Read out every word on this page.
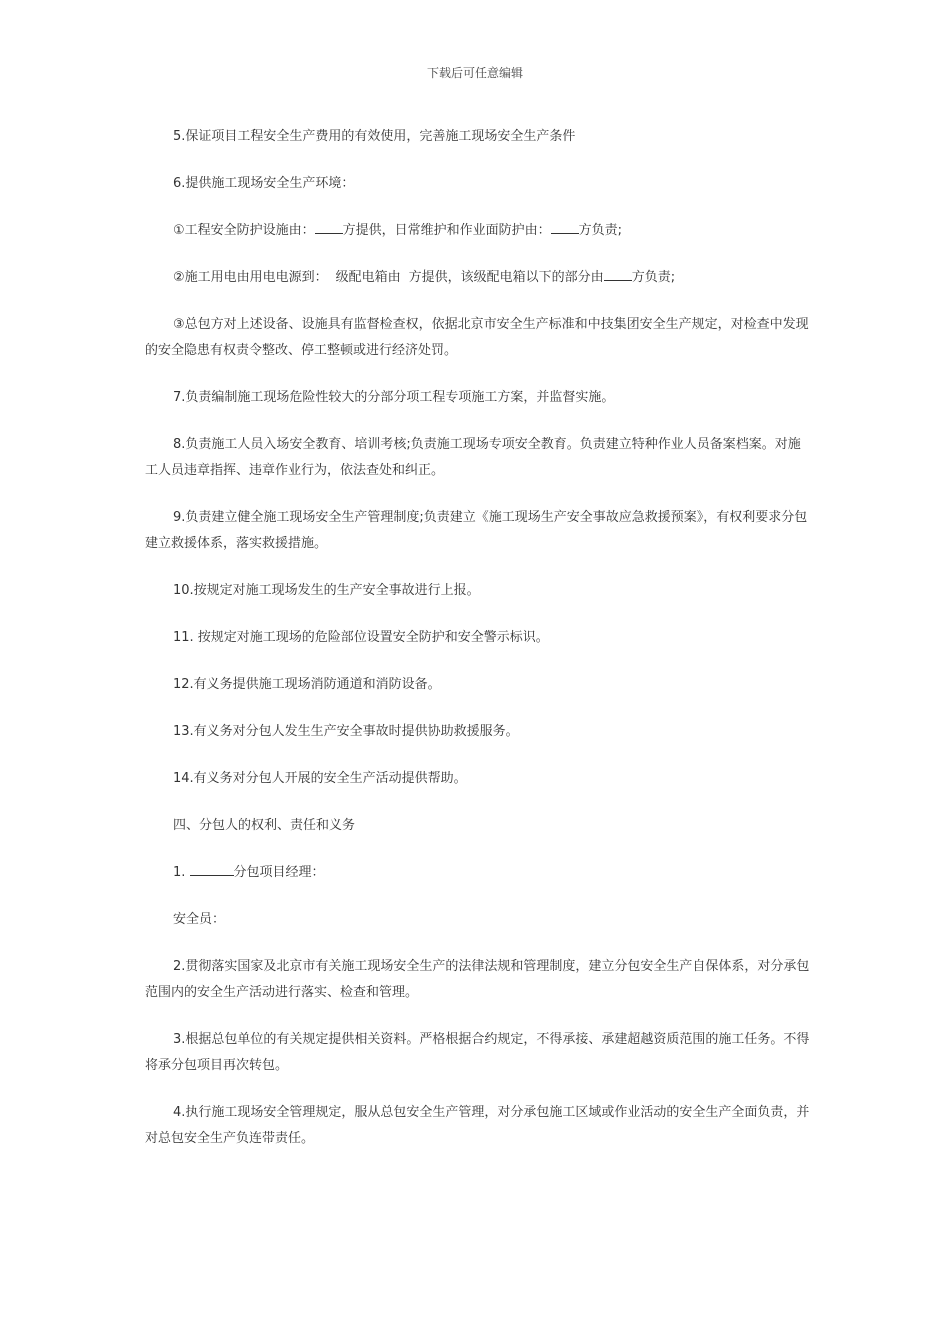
下载后可任意编辑

5.保证项目工程安全生产费用的有效使用，完善施工现场安全生产条件

6.提供施工现场安全生产环境：

①工程安全防护设施由： 方提供，日常维护和作业面防护由： 方负责;

②施工用电由用电电源到： 级配电箱由 方提供，该级配电箱以下的部分由 方负责;

③总包方对上述设备、设施具有监督检查权，依据北京市安全生产标准和中技集团安全生产规定，对检查中发现的安全隐患有权责令整改、停工整顿或进行经济处罚。

7.负责编制施工现场危险性较大的分部分项工程专项施工方案，并监督实施。

8.负责施工人员入场安全教育、培训考核;负责施工现场专项安全教育。负责建立特种作业人员备案档案。对施工人员违章指挥、违章作业行为，依法查处和纠正。

9.负责建立健全施工现场安全生产管理制度;负责建立《施工现场生产安全事故应急救援预案》，有权利要求分包建立救援体系，落实救援措施。

10.按规定对施工现场发生的生产安全事故进行上报。

11. 按规定对施工现场的危险部位设置安全防护和安全警示标识。

12.有义务提供施工现场消防通道和消防设备。

13.有义务对分包人发生生产安全事故时提供协助救援服务。

14.有义务对分包人开展的安全生产活动提供帮助。

四、分包人的权利、责任和义务

1.	分包项目经理：

安全员：

2.贯彻落实国家及北京市有关施工现场安全生产的法律法规和管理制度，建立分包安全生产自保体系，对分承包范围内的安全生产活动进行落实、检查和管理。

3.根据总包单位的有关规定提供相关资料。严格根据合约规定，不得承接、承建超越资质范围的施工任务。不得将承分包项目再次转包。

4.执行施工现场安全管理规定，服从总包安全生产管理，对分承包施工区域或作业活动的安全生产全面负责，并对总包安全生产负连带责任。
